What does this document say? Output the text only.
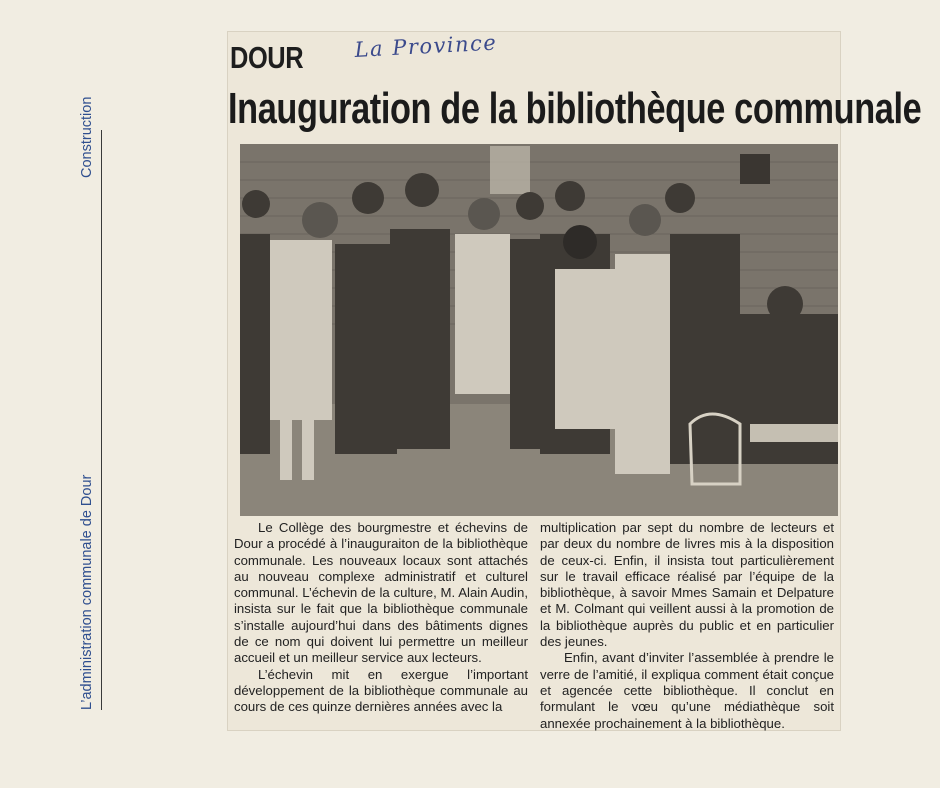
Construction
L’administration communale de Dour
DOUR La Province
Inauguration de la bibliothèque communale

Le Collège des bourgmestre et échevins de Dour a procédé à l’inauguraiton de la bibliothèque communale. Les nouveaux locaux sont attachés au nouveau complexe administratif et culturel communal. L’échevin de la culture, M. Alain Audin, insista sur le fait que la bibliothèque communale s’installe aujourd’hui dans des bâtiments dignes de ce nom qui doivent lui permettre un meilleur accueil et un meilleur service aux lecteurs.

L’échevin mit en exergue l’important développement de la bibliothèque communale au cours de ces quinze dernières années avec la

multiplication par sept du nombre de lecteurs et par deux du nombre de livres mis à la disposition de ceux-ci. Enfin, il insista tout particulièrement sur le travail efficace réalisé par l’équipe de la bibliothèque, à savoir Mmes Samain et Delpature et M. Colmant qui veillent aussi à la promotion de la bibliothèque auprès du public et en particulier des jeunes.

Enfin, avant d’inviter l’assemblée à prendre le verre de l’amitié, il expliqua comment était conçue et agencée cette bibliothèque. Il conclut en formulant le vœu qu’une médiathèque soit annexée prochainement à la bibliothèque.
